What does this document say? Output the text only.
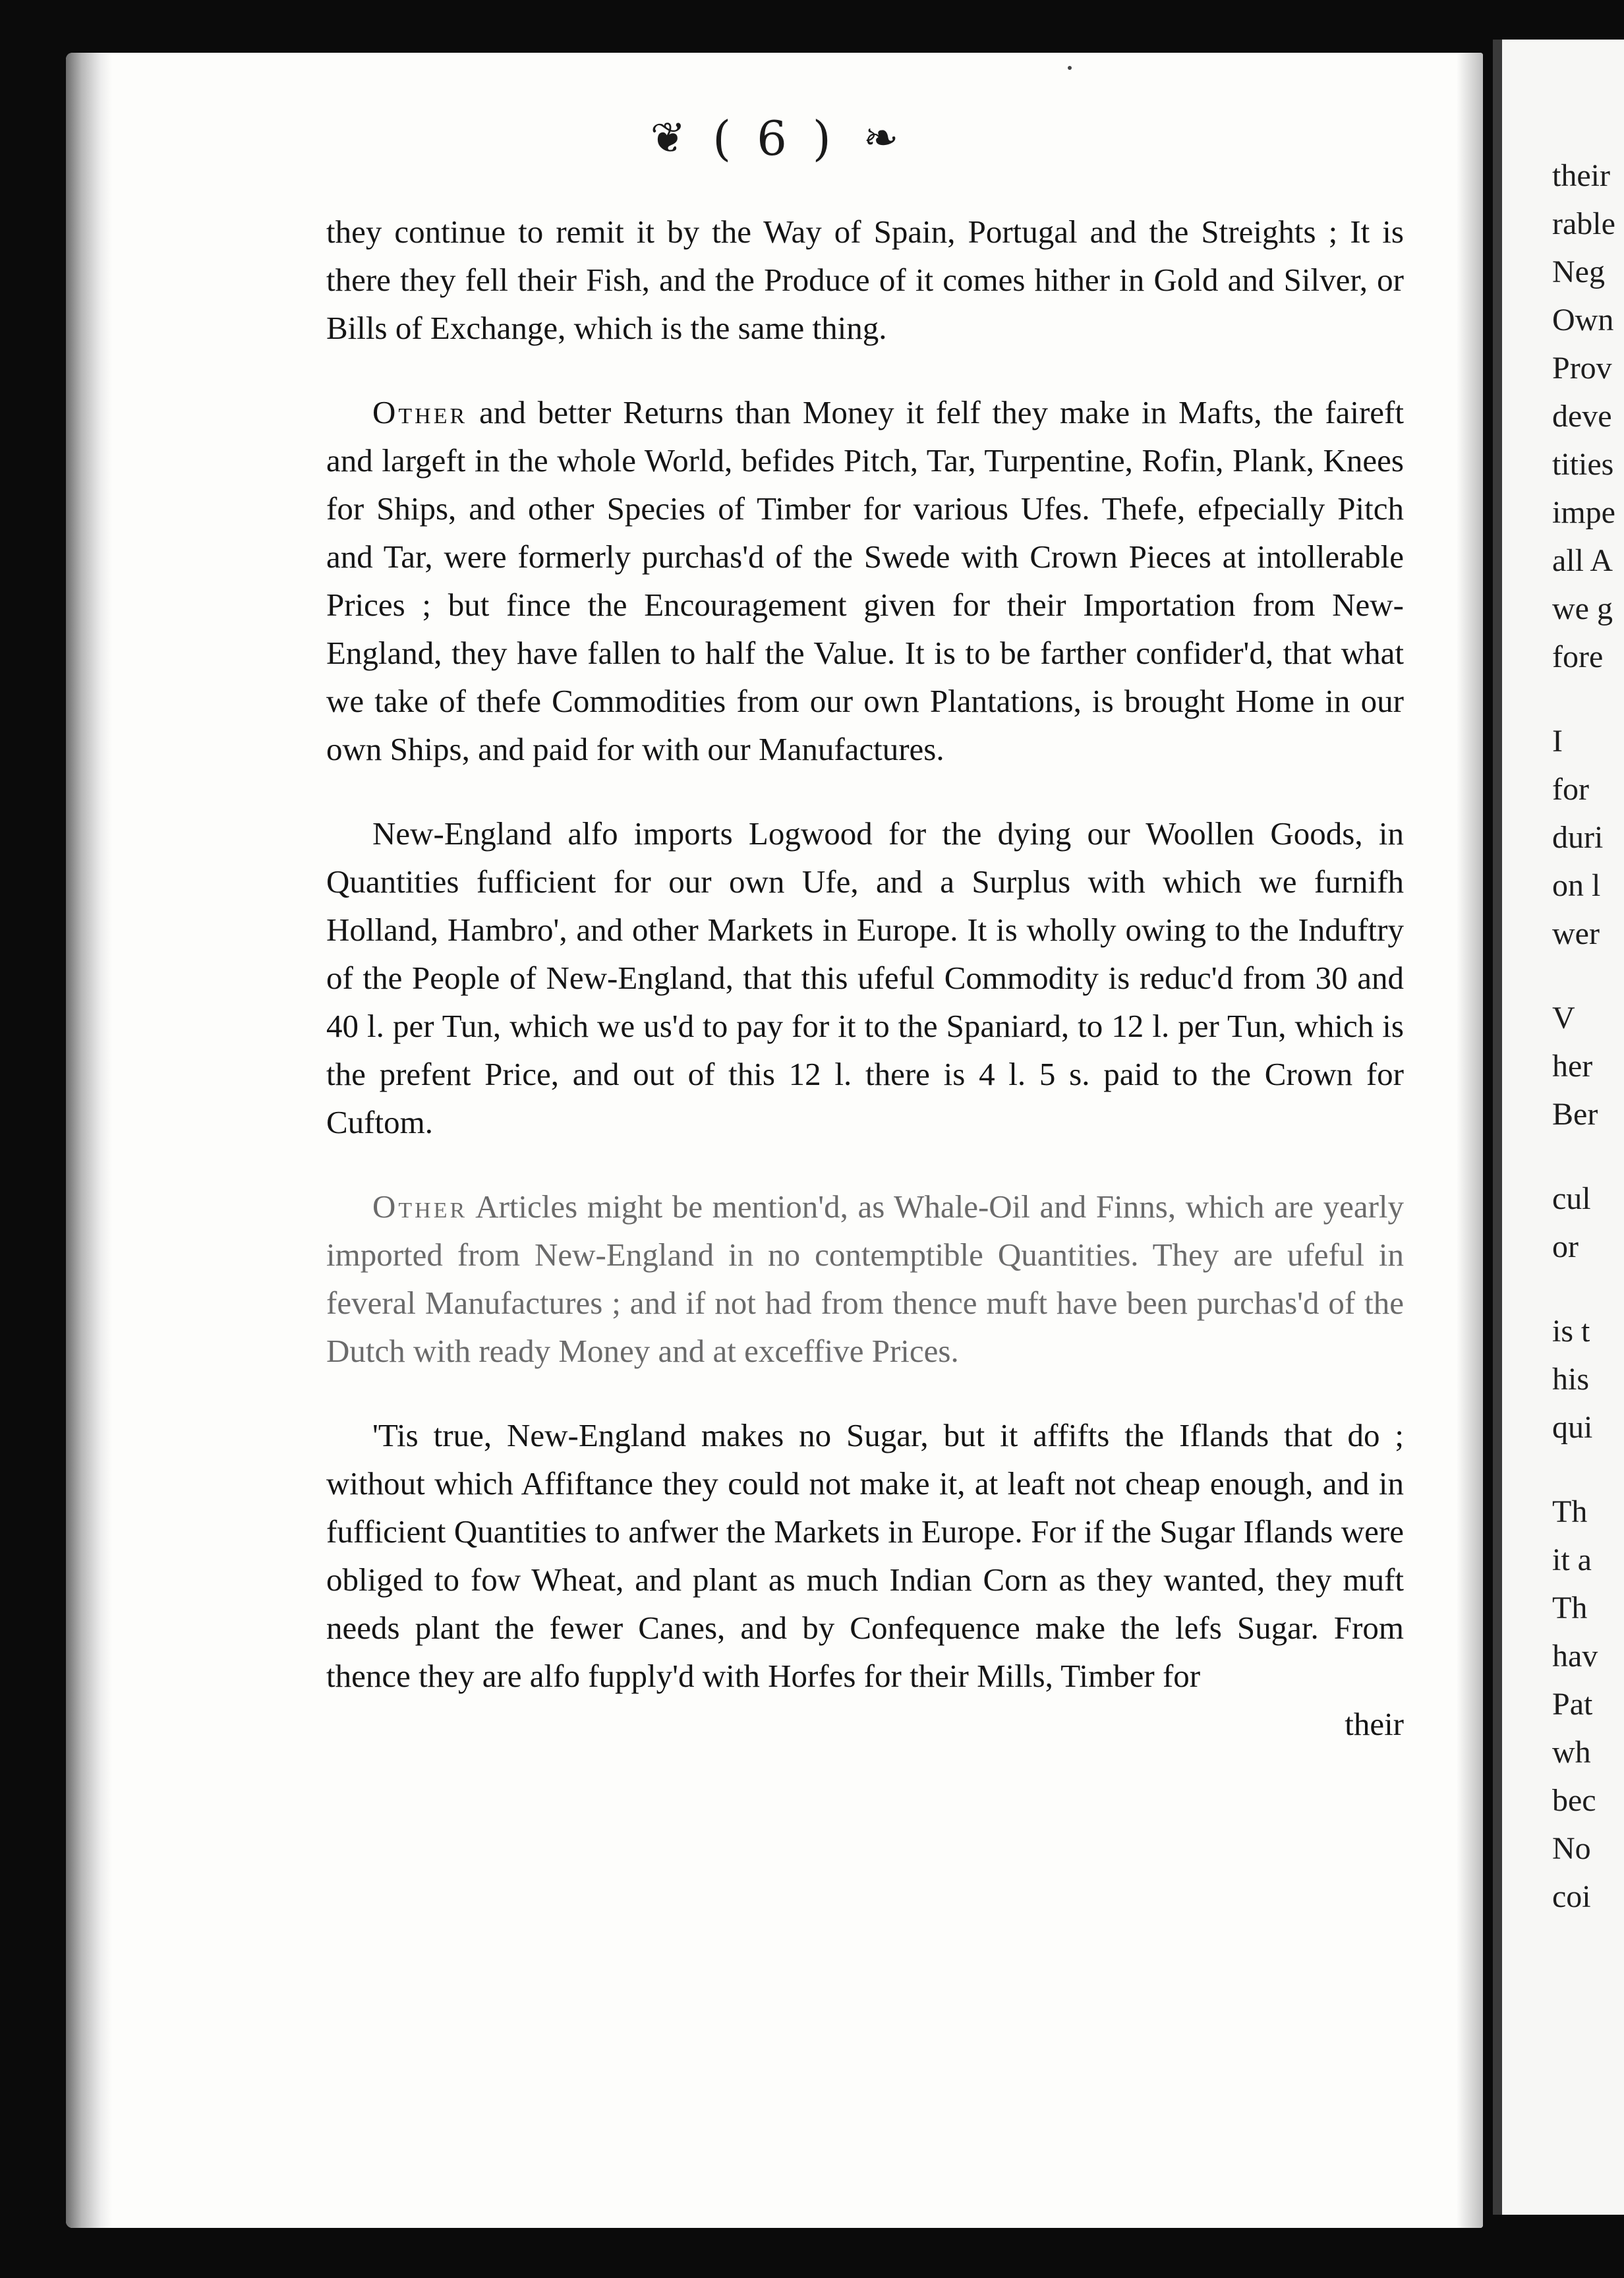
❦ ( 6 ) ❧

they continue to remit it by the Way of Spain, Portugal and the Streights ; It is there they fell their Fish, and the Produce of it comes hither in Gold and Silver, or Bills of Exchange, which is the same thing.

Other and better Returns than Money it felf they make in Mafts, the faireft and largeft in the whole World, befides Pitch, Tar, Turpentine, Rofin, Plank, Knees for Ships, and other Species of Timber for various Ufes. Thefe, efpecially Pitch and Tar, were formerly purchas'd of the Swede with Crown Pieces at intollerable Prices ; but fince the Encouragement given for their Importation from New-England, they have fallen to half the Value. It is to be farther confider'd, that what we take of thefe Commodities from our own Plantations, is brought Home in our own Ships, and paid for with our Manufactures.

New-England alfo imports Logwood for the dying our Woollen Goods, in Quantities fufficient for our own Ufe, and a Surplus with which we furnifh Holland, Hambro', and other Markets in Europe. It is wholly owing to the Induftry of the People of New-England, that this ufeful Commodity is reduc'd from 30 and 40 l. per Tun, which we us'd to pay for it to the Spaniard, to 12 l. per Tun, which is the prefent Price, and out of this 12 l. there is 4 l. 5 s. paid to the Crown for Cuftom.

Other Articles might be mention'd, as Whale-Oil and Finns, which are yearly imported from New-England in no contemptible Quantities. They are ufeful in feveral Manufactures ; and if not had from thence muft have been purchas'd of the Dutch with ready Money and at exceffive Prices.

'Tis true, New-England makes no Sugar, but it affifts the Iflands that do ; without which Affiftance they could not make it, at leaft not cheap enough, and in fufficient Quantities to anfwer the Markets in Europe. For if the Sugar Iflands were obliged to fow Wheat, and plant as much Indian Corn as they wanted, they muft needs plant the fewer Canes, and by Confequence make the lefs Sugar. From thence they are alfo fupply'd with Horfes for their Mills, Timber for
their

their
rable
Neg
Own
Prov
deve
tities
impe
all A
we g
fore
I
for
duri
on l
wer
V
her
Ber
cul
or
is t
his
qui
Th
it a
Th
hav
Pat
wh
bec
No
coi
